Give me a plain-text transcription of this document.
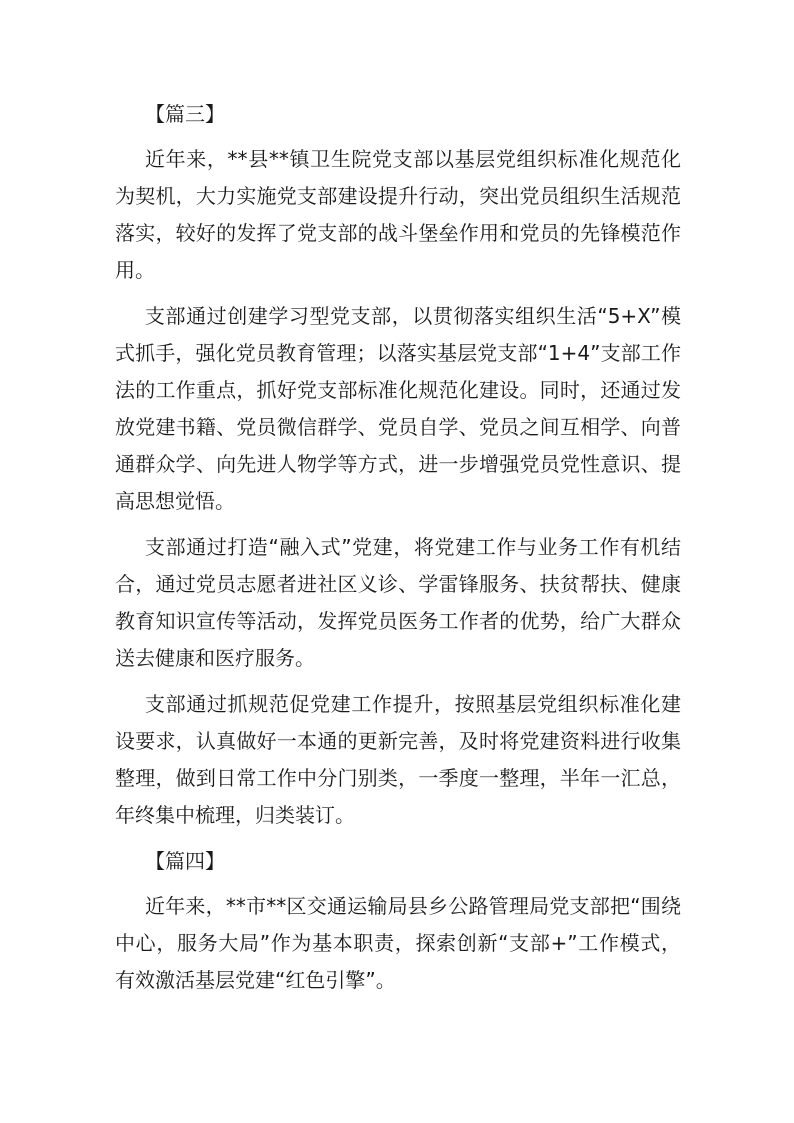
【篇三】

近年来，**县**镇卫生院党支部以基层党组织标准化规范化为契机，大力实施党支部建设提升行动，突出党员组织生活规范落实，较好的发挥了党支部的战斗堡垒作用和党员的先锋模范作用。

支部通过创建学习型党支部，以贯彻落实组织生活“5+X”模式抓手，强化党员教育管理；以落实基层党支部“1+4”支部工作法的工作重点，抓好党支部标准化规范化建设。同时，还通过发放党建书籍、党员微信群学、党员自学、党员之间互相学、向普通群众学、向先进人物学等方式，进一步增强党员党性意识、提高思想觉悟。

支部通过打造“融入式”党建，将党建工作与业务工作有机结合，通过党员志愿者进社区义诊、学雷锋服务、扶贫帮扶、健康教育知识宣传等活动，发挥党员医务工作者的优势，给广大群众送去健康和医疗服务。

支部通过抓规范促党建工作提升，按照基层党组织标准化建设要求，认真做好一本通的更新完善，及时将党建资料进行收集整理，做到日常工作中分门别类，一季度一整理，半年一汇总，年终集中梳理，归类装订。

【篇四】

近年来，**市**区交通运输局县乡公路管理局党支部把“围绕中心，服务大局”作为基本职责，探索创新“支部+”工作模式，有效激活基层党建“红色引擎”。
